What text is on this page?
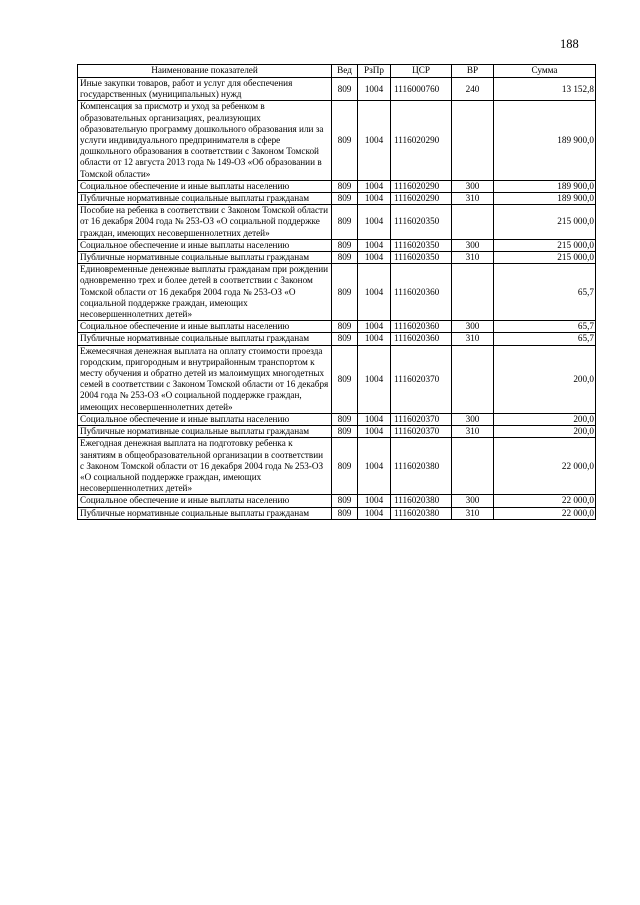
188
Наименование показателей	Вед	РзПр	ЦСР	ВР	Сумма
Иные закупки товаров, работ и услуг для обеспечения государственных (муниципальных) нужд	809	1004	1116000760	240	13 152,8
Компенсация за присмотр и уход за ребенком в образовательных организациях, реализующих образовательную программу дошкольного образования или за услуги индивидуального предпринимателя в сфере дошкольного образования в соответствии с Законом Томской области от 12 августа 2013 года № 149-ОЗ «Об образовании в Томской области»	809	1004	1116020290		189 900,0
Социальное обеспечение и иные выплаты населению	809	1004	1116020290	300	189 900,0
Публичные нормативные социальные выплаты гражданам	809	1004	1116020290	310	189 900,0
Пособие на ребенка в соответствии с Законом Томской области от 16 декабря 2004 года № 253-ОЗ «О социальной поддержке граждан, имеющих несовершеннолетних детей»	809	1004	1116020350		215 000,0
Социальное обеспечение и иные выплаты населению	809	1004	1116020350	300	215 000,0
Публичные нормативные социальные выплаты гражданам	809	1004	1116020350	310	215 000,0
Единовременные денежные выплаты гражданам при рождении одновременно трех и более детей в соответствии с Законом Томской области от 16 декабря 2004 года № 253-ОЗ «О социальной поддержке граждан, имеющих несовершеннолетних детей»	809	1004	1116020360		65,7
Социальное обеспечение и иные выплаты населению	809	1004	1116020360	300	65,7
Публичные нормативные социальные выплаты гражданам	809	1004	1116020360	310	65,7
Ежемесячная денежная выплата на оплату стоимости проезда городским, пригородным и внутрирайонным транспортом к месту обучения и обратно детей из малоимущих многодетных семей в соответствии с Законом Томской области от 16 декабря 2004 года № 253-ОЗ «О социальной поддержке граждан, имеющих несовершеннолетних детей»	809	1004	1116020370		200,0
Социальное обеспечение и иные выплаты населению	809	1004	1116020370	300	200,0
Публичные нормативные социальные выплаты гражданам	809	1004	1116020370	310	200,0
Ежегодная денежная выплата на подготовку ребенка к занятиям в общеобразовательной организации в соответствии с Законом Томской области от 16 декабря 2004 года № 253-ОЗ «О социальной поддержке граждан, имеющих несовершеннолетних детей»	809	1004	1116020380		22 000,0
Социальное обеспечение и иные выплаты населению	809	1004	1116020380	300	22 000,0
Публичные нормативные социальные выплаты гражданам	809	1004	1116020380	310	22 000,0
